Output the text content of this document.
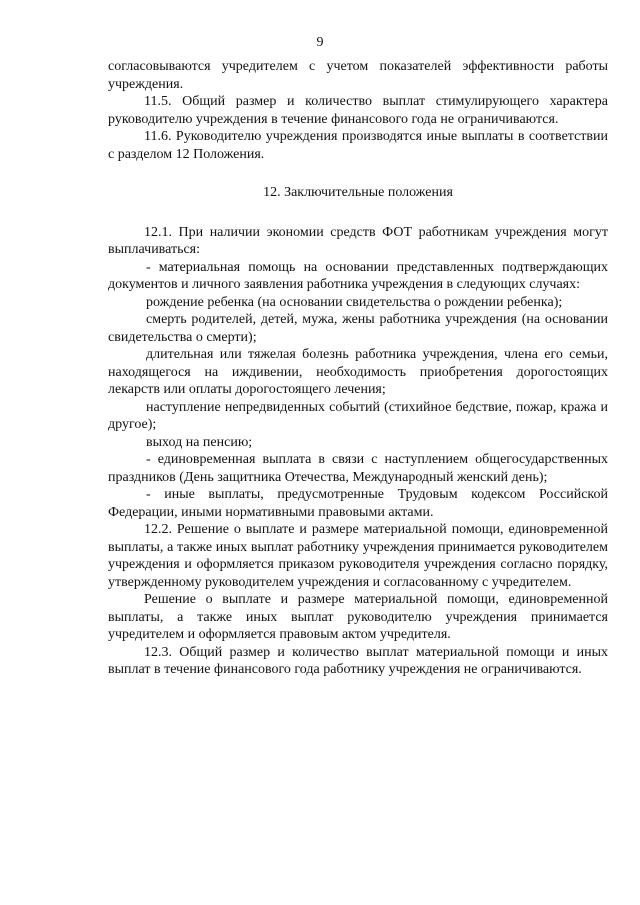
9

согласовываются учредителем с учетом показателей эффективности работы учреждения.

11.5. Общий размер и количество выплат стимулирующего характера руководителю учреждения в течение финансового года не ограничиваются.

11.6. Руководителю учреждения производятся иные выплаты в соответствии с разделом 12 Положения.

12. Заключительные положения

12.1. При наличии экономии средств ФОТ работникам учреждения могут выплачиваться:

- материальная помощь на основании представленных подтверждающих документов и личного заявления работника учреждения в следующих случаях:

рождение ребенка (на основании свидетельства о рождении ребенка);

смерть родителей, детей, мужа, жены работника учреждения (на основании свидетельства о смерти);

длительная или тяжелая болезнь работника учреждения, члена его семьи, находящегося на иждивении, необходимость приобретения дорогостоящих лекарств или оплаты дорогостоящего лечения;

наступление непредвиденных событий (стихийное бедствие, пожар, кража и другое);

выход на пенсию;

- единовременная выплата в связи с наступлением общегосударственных праздников (День защитника Отечества, Международный женский день);

- иные выплаты, предусмотренные Трудовым кодексом Российской Федерации, иными нормативными правовыми актами.

12.2. Решение о выплате и размере материальной помощи, единовременной выплаты, а также иных выплат работнику учреждения принимается руководителем учреждения и оформляется приказом руководителя учреждения согласно порядку, утвержденному руководителем учреждения и согласованному с учредителем.

Решение о выплате и размере материальной помощи, единовременной выплаты, а также иных выплат руководителю учреждения принимается учредителем и оформляется правовым актом учредителя.

12.3. Общий размер и количество выплат материальной помощи и иных выплат в течение финансового года работнику учреждения не ограничиваются.
